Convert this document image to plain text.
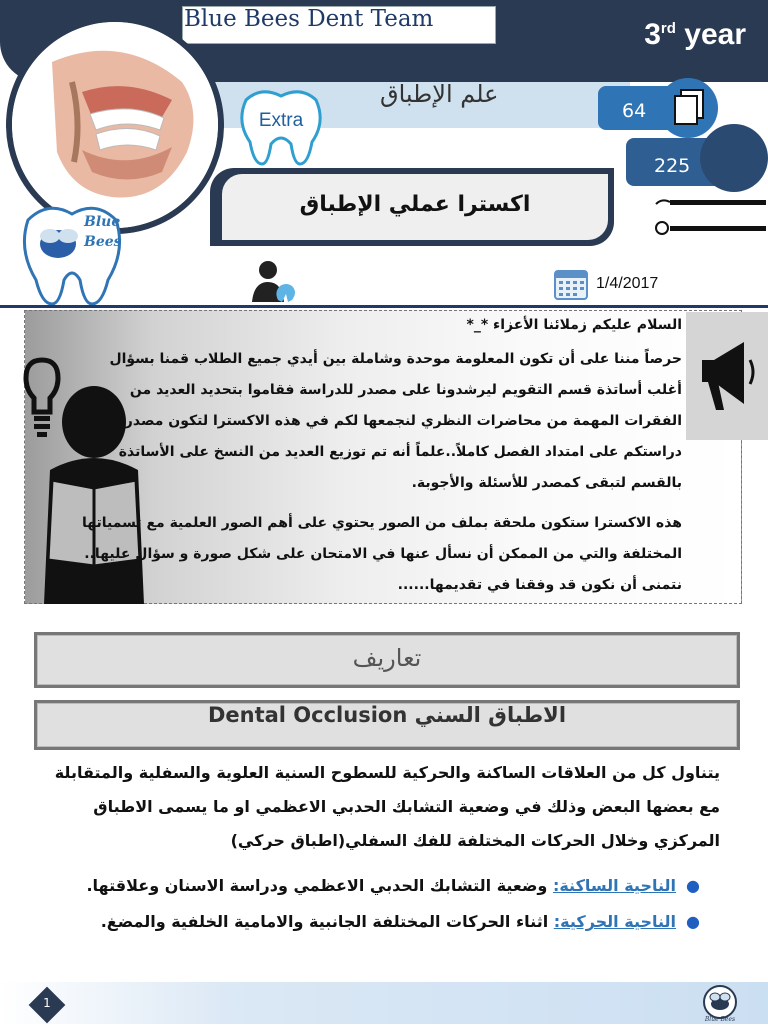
علم الإطباق
Blue Bees Dent Team	3rd year
Blue
Bees
64
225
Extra
اكسترا عملي الإطباق
1/4/2017
السلام عليكم زملائنا الأعزاء *_*
حرصاً مننا على أن تكون المعلومة موحدة وشاملة بين أيدي جميع الطلاب قمنا بسؤال أغلب أساتذة قسم التقويم ليرشدونا على مصدر للدراسة فقاموا بتحديد العديد من الفقرات المهمة من محاضرات النظري لنجمعها لكم في هذه الاكسترا لتكون مصدر دراستكم على امتداد الفصل كاملاً..علماً أنه تم توزيع العديد من النسخ على الأساتذة بالقسم لتبقى كمصدر للأسئلة والأجوبة.
هذه الاكسترا ستكون ملحقة بملف من الصور يحتوي على أهم الصور العلمية مع تسمياتها المختلفة والتي من الممكن أن نسأل عنها في الامتحان على شكل صورة و سؤال عليها.. نتمنى أن نكون قد وفقنا في تقديمها......
تعاريف
الاطباق السني Dental Occlusion
يتناول كل من العلاقات الساكنة والحركية للسطوح السنية العلوية والسفلية والمتقابلة مع بعضها البعض وذلك في وضعية التشابك الحدبي الاعظمي او ما يسمى الاطباق المركزي وخلال الحركات المختلفة للفك السفلي(اطباق حركي)
●الناحية الساكنة: وضعية التشابك الحدبي الاعظمي ودراسة الاسنان وعلاقتها.
●الناحية الحركية: اثناء الحركات المختلفة الجانبية والامامية الخلفية والمضغ.
1
Blue Bees
